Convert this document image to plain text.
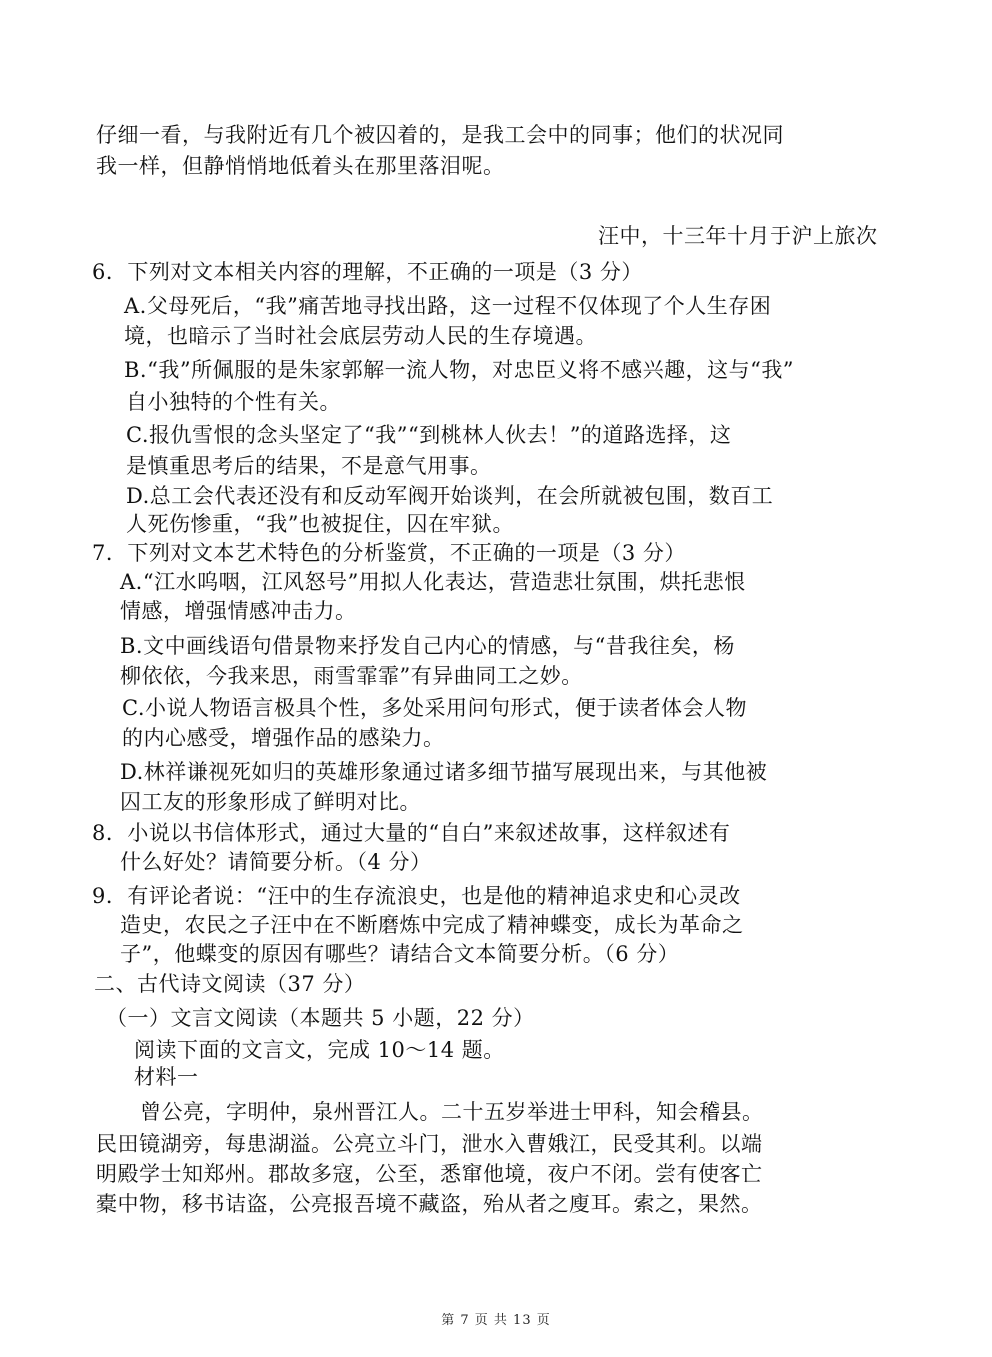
仔细一看，与我附近有几个被囚着的，是我工会中的同事；他们的状况同
我一样，但静悄悄地低着头在那里落泪呢。
汪中，十三年十月于沪上旅次
6．下列对文本相关内容的理解，不正确的一项是（3 分）
A.父母死后，“我”痛苦地寻找出路，这一过程不仅体现了个人生存困
境，也暗示了当时社会底层劳动人民的生存境遇。
B.“我”所佩服的是朱家郭解一流人物，对忠臣义将不感兴趣，这与“我”
自小独特的个性有关。
C.报仇雪恨的念头坚定了“我”“到桃林人伙去！”的道路选择，这
是慎重思考后的结果，不是意气用事。
D.总工会代表还没有和反动军阀开始谈判，在会所就被包围，数百工
人死伤惨重，“我”也被捉住，囚在牢狱。
7．下列对文本艺术特色的分析鉴赏，不正确的一项是（3 分）
A.“江水呜咽，江风怒号”用拟人化表达，营造悲壮氛围，烘托悲恨
情感，增强情感冲击力。
B.文中画线语句借景物来抒发自己内心的情感，与“昔我往矣，杨
柳依依，今我来思，雨雪霏霏”有异曲同工之妙。
C.小说人物语言极具个性，多处采用问句形式，便于读者体会人物
的内心感受，增强作品的感染力。
D.林祥谦视死如归的英雄形象通过诸多细节描写展现出来，与其他被
囚工友的形象形成了鲜明对比。
8．小说以书信体形式，通过大量的“自白”来叙述故事，这样叙述有
什么好处？请简要分析。（4 分）
9．有评论者说：“汪中的生存流浪史，也是他的精神追求史和心灵改
造史，农民之子汪中在不断磨炼中完成了精神蝶变，成长为革命之
子”，他蝶变的原因有哪些？请结合文本简要分析。（6 分）
二、古代诗文阅读（37 分）
（一）文言文阅读（本题共 5 小题，22 分）
阅读下面的文言文，完成 10～14 题。
材料一
曾公亮，字明仲，泉州晋江人。二十五岁举进士甲科，知会稽县。
民田镜湖旁，每患湖溢。公亮立斗门，泄水入曹娥江，民受其利。以端
明殿学士知郑州。郡故多寇，公至，悉窜他境，夜户不闭。尝有使客亡
橐中物，移书诘盗，公亮报吾境不藏盗，殆从者之廋耳。索之，果然。
第 7 页 共 13 页
